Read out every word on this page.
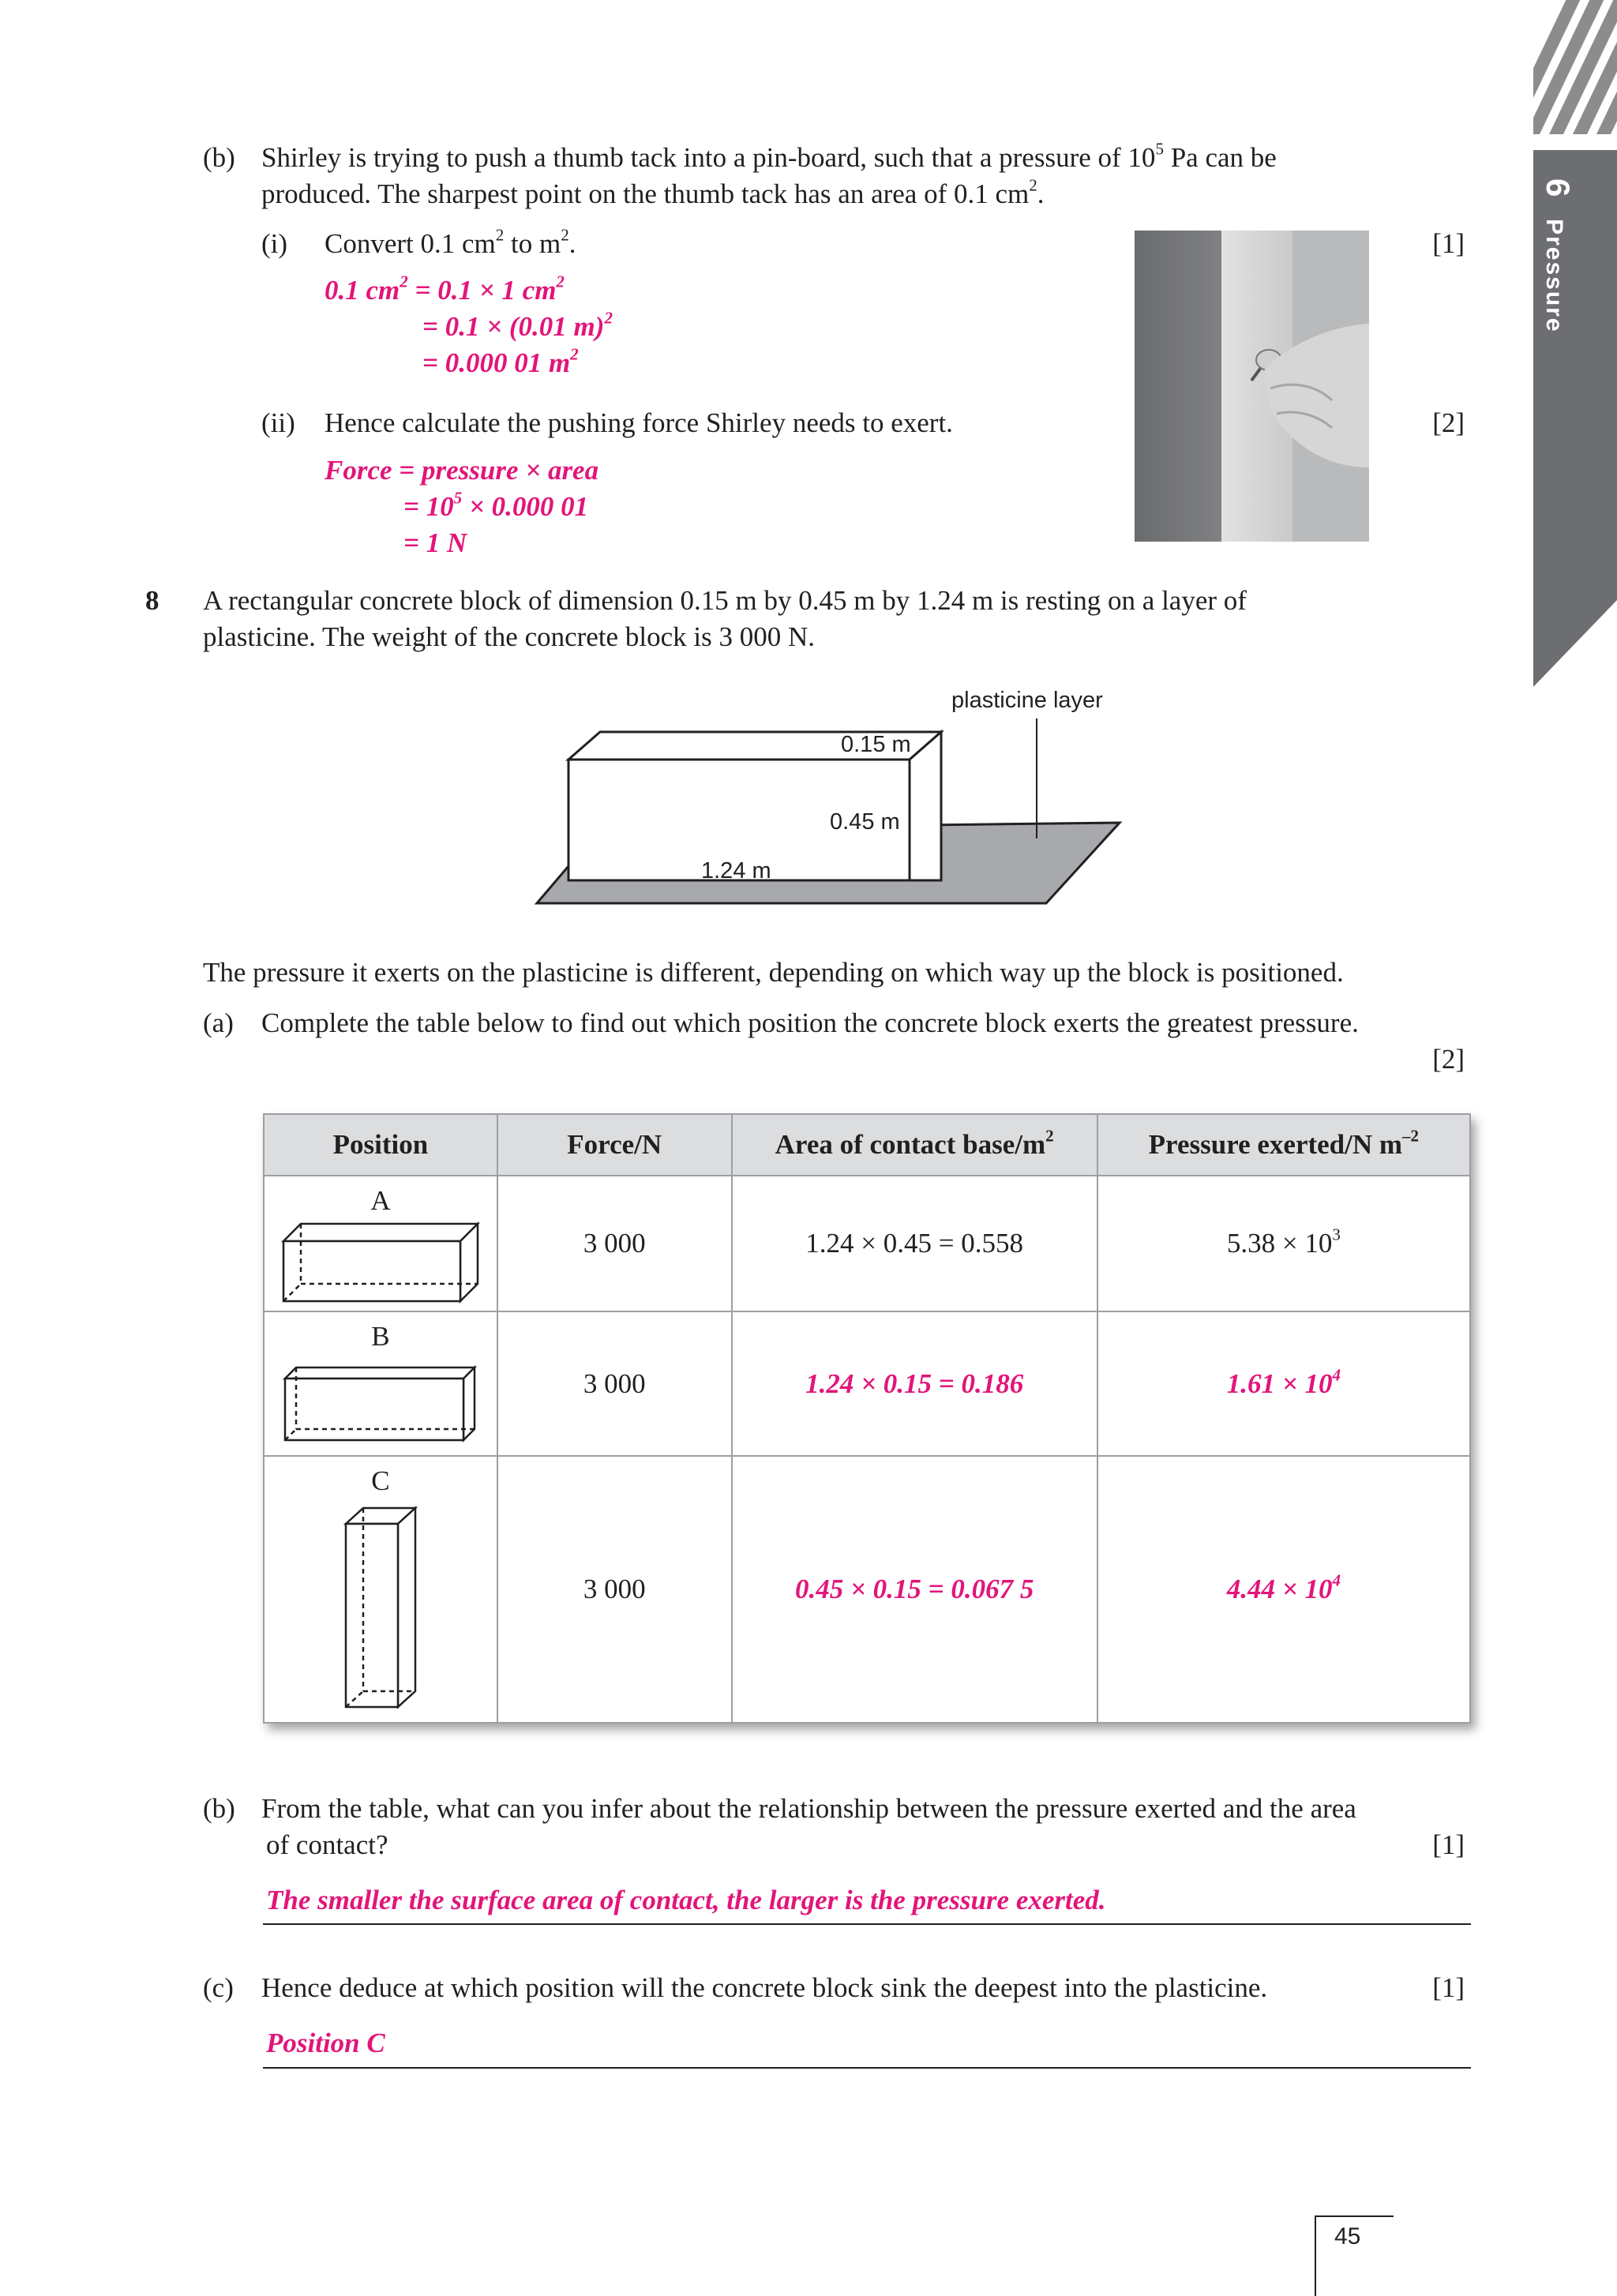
6 Pressure
(b) Shirley is trying to push a thumb tack into a pin-board, such that a pressure of $10^5$ Pa can be
produced. The sharpest point on the thumb tack has an area of 0.1 $cm^2$.
(i) Convert 0.1 $cm^2$ to $m^2$.	[1]
0.1 $cm^2 = 0.1 \times 1$ $cm^2$
= 0.1 × (0.01 m)$^2$
= 0.000 01 $m^2$
(ii) Hence calculate the pushing force Shirley needs to exert.	[2]
Force = pressure × area
= $10^5 \times 0.000$ 01
= 1 N
8 A rectangular concrete block of dimension 0.15 m by 0.45 m by 1.24 m is resting on a layer of
plasticine. The weight of the concrete block is 3 000 N.
plasticine layer
0.15 m
0.45 m
1.24 m
The pressure it exerts on the plasticine is different, depending on which way up the block is positioned.
(a) Complete the table below to find out which position the concrete block exerts the greatest pressure.
[2]
Position	Force/N	Area of contact base/$m^2$	Pressure exerted/N $m^{-2}$

A	3 000	1.24 × 0.45 = 0.558	$5.38 \times 10^3$

B	3 000	1.24 × 0.15 = 0.186	$1.61 \times 10^4$

C	3 000	0.45 × 0.15 = 0.067 5	$4.44 \times 10^4$
(b) From the table, what can you infer about the relationship between the pressure exerted and the area
of contact?	[1]
The smaller the surface area of contact, the larger is the pressure exerted.
(c) Hence deduce at which position will the concrete block sink the deepest into the plasticine.	[1]
Position C
45
